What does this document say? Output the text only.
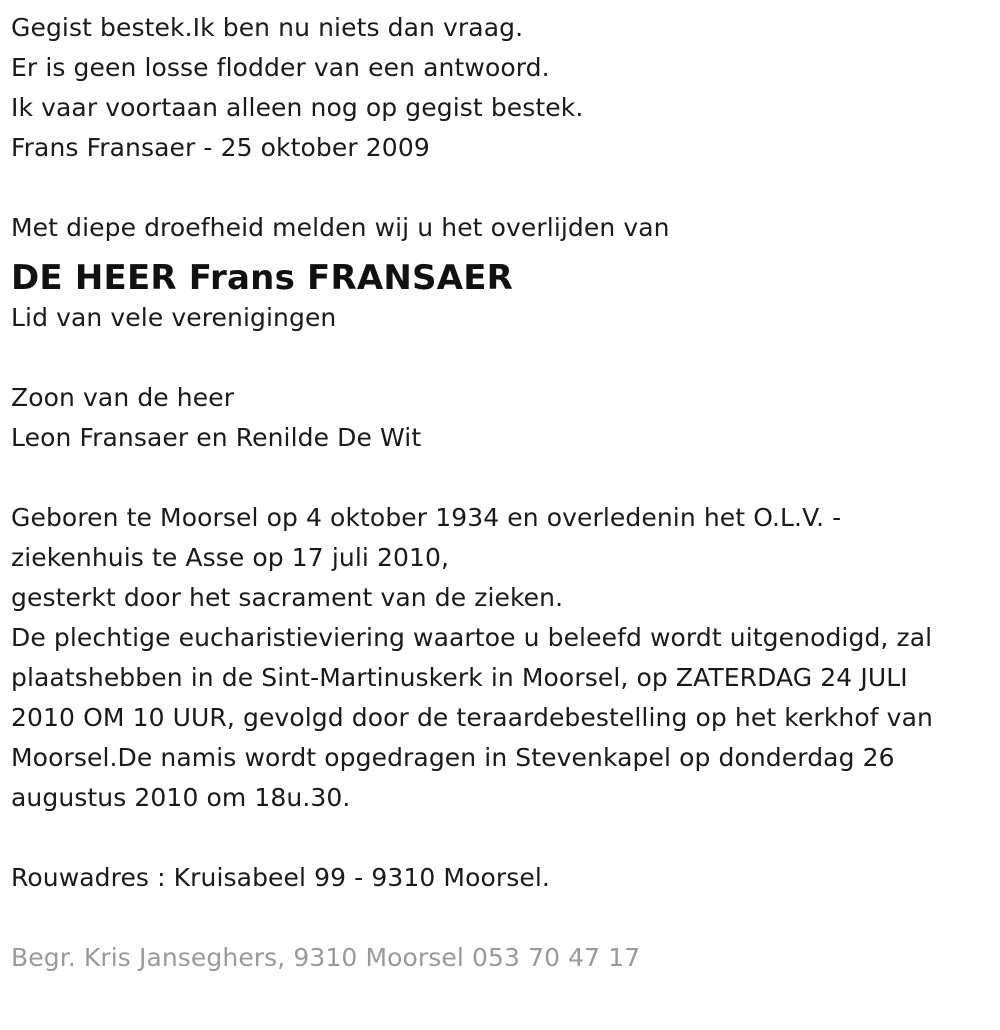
Gegist bestek.Ik ben nu niets dan vraag.
Er is geen losse flodder van een antwoord.
Ik vaar voortaan alleen nog op gegist bestek.
Frans Fransaer - 25 oktober 2009
Met diepe droefheid melden wij u het overlijden van
DE HEER Frans FRANSAER
Lid van vele verenigingen
Zoon van de heer
Leon Fransaer en Renilde De Wit
Geboren te Moorsel op 4 oktober 1934 en overledenin het O.L.V. -
ziekenhuis te Asse op 17 juli 2010,
gesterkt door het sacrament van de zieken.
De plechtige eucharistieviering waartoe u beleefd wordt uitgenodigd, zal
plaatshebben in de Sint-Martinuskerk in Moorsel, op ZATERDAG 24 JULI
2010 OM 10 UUR, gevolgd door de teraardebestelling op het kerkhof van
Moorsel.De namis wordt opgedragen in Stevenkapel op donderdag 26
augustus 2010 om 18u.30.
Rouwadres : Kruisabeel 99 - 9310 Moorsel.
Begr. Kris Janseghers, 9310 Moorsel 053 70 47 17
